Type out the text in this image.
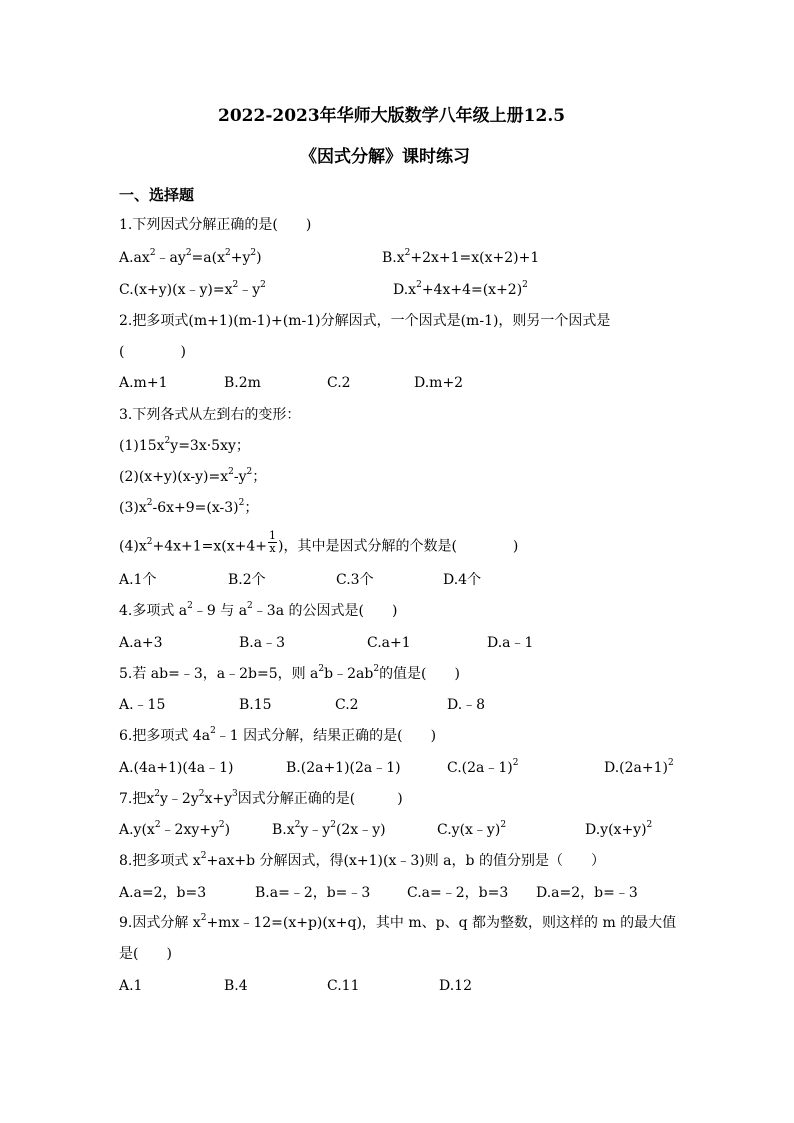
2022-2023年华师大版数学八年级上册12.5
《因式分解》课时练习
一、选择题
1.下列因式分解正确的是(　　)
$A.ax^2﹣ay^2=a(x^2+y^2)$	$B.x^2+2x+1=x(x+2)+1$
$C.(x+y)(x﹣y)=x^2﹣y^2$	$D.x^2+4x+4=(x+2)^2$
2.把多项式(m+1)(m-1)+(m-1)分解因式，一个因式是(m-1)，则另一个因式是
(　　　　)
A.m+1	B.2m	C.2	D.m+2
3.下列各式从左到右的变形：
$(1)15x^2y=3x\cdot 5xy$；
$(2)(x+y)(x-y)=x^2-y^2$；
$(3)x^2-6x+9=(x-3)^2$；
$(4)x^2+4x+1=x(x+4+ \frac{1}{x}$ )，其中是因式分解的个数是(　　　　)
A.1个	B.2个	C.3个	D.4个
4.多项式 $a^2﹣9$ 与 $a^2﹣3a$ 的公因式是(　　)
A.a+3	B.a﹣3	C.a+1	D.a﹣1
5.若 ab=﹣3，a﹣2b=5，则 $a^2b﹣2ab^2$的值是(　　)
A.﹣15	B.15	C.2	D.﹣8
6.把多项式 $4a^2﹣1$ 因式分解，结果正确的是(　　)
A.(4a+1)(4a﹣1)	B.(2a+1)(2a﹣1)	C.(2a﹣1)$^2$	$D.(2a+1)^2$
7.把$x^2y﹣2y^2x+y^3$因式分解正确的是(　　　)
$A.y(x^2﹣2xy+y^2)$	$B.x^2y﹣y^2(2x﹣y)$	C.y(x﹣y)$^2$	$D.y(x+y)^2$
8.把多项式 $x^2+ax+b$ 分解因式，得(x+1)(x﹣3)则 a，b 的值分别是（　　）
A.a=2，b=3	B.a=﹣2，b=﹣3	C.a=﹣2，b=3 D.a=2，b=﹣3
9.因式分解 $x^2+mx﹣12=(x+p)(x+q)$，其中 m、p、q 都为整数，则这样的 m 的最大值
是(　　)
A.1	B.4	C.11	D.12
